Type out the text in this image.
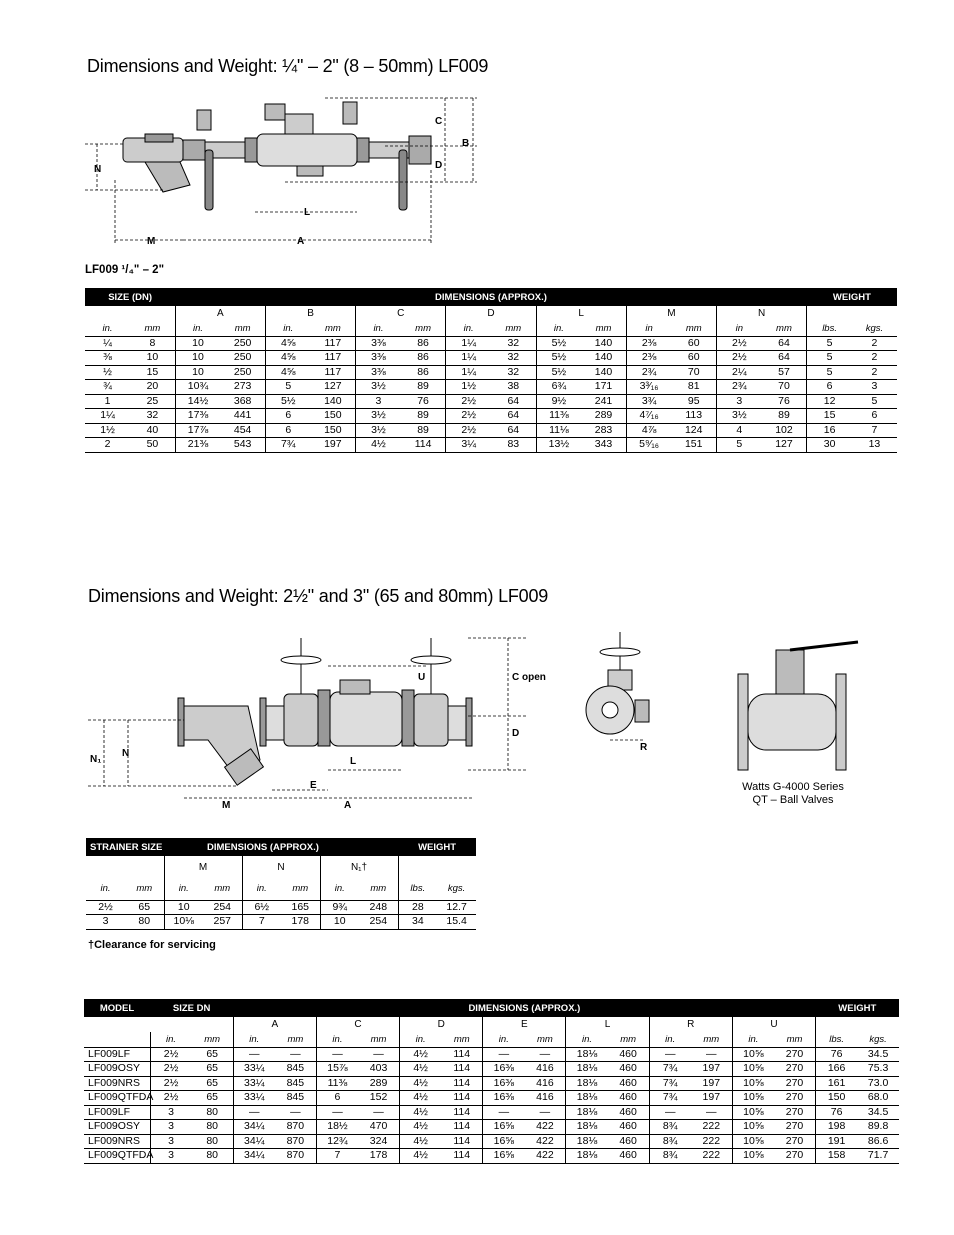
Dimensions and Weight: ¼" – 2" (8 – 50mm) LF009
C
B
D
N
L
M	A
LF009 ¹/₄" – 2"
SIZE (DN)		DIMENSIONS (APPROX.)														WEIGHT	
		A		B		C		D		L		M		N			
in.	mm	in.	mm	in.	mm	in.	mm	in.	mm	in.	mm	in	mm	in	mm	lbs.	kgs.
¼	8	10	250	4⅝	117	3⅜	86	1¼	32	5½	140	2⅜	60	2½	64	5	2
⅜	10	10	250	4⅝	117	3⅜	86	1¼	32	5½	140	2⅜	60	2½	64	5	2
½	15	10	250	4⅝	117	3⅜	86	1¼	32	5½	140	2¾	70	2¼	57	5	2
¾	20	10¾	273	5	127	3½	89	1½	38	6¾	171	3³⁄₁₆	81	2¾	70	6	3
1	25	14½	368	5½	140	3	76	2½	64	9½	241	3¾	95	3	76	12	5
1¼	32	17⅜	441	6	150	3½	89	2½	64	11⅜	289	4⁷⁄₁₆	113	3½	89	15	6
1½	40	17⅞	454	6	150	3½	89	2½	64	11⅛	283	4⅞	124	4	102	16	7
2	50	21⅜	543	7¾	197	4½	114	3¼	83	13½	343	5⁹⁄₁₆	151	5	127	30	13
Dimensions and Weight: 2½" and 3" (65 and 80mm) LF009
U	C open
D
N₁
N
L
E
M	A
R
Watts G-4000 Series
QT – Ball Valves
STRAINER SIZE			DIMENSIONS (APPROX.)					WEIGHT	
		M		N		N₁†			
in.	mm	in.	mm	in.	mm	in.	mm	lbs.	kgs.
2½	65	10	254	6½	165	9¾	248	28	12.7
3	80	10⅛	257	7	178	10	254	34	15.4
†Clearance for servicing
MODEL	SIZE DN		DIMENSIONS (APPROX.)														WEIGHT	
			A		C		D		E		L		R		U			
	in.	mm	in.	mm	in.	mm	in.	mm	in.	mm	in.	mm	in.	mm	in.	mm	lbs.	kgs.
LF009LF	2½	65	—	—	—	—	4½	114	—	—	18⅛	460	—	—	10⅝	270	76	34.5
LF009OSY	2½	65	33¼	845	15⅞	403	4½	114	16⅜	416	18⅛	460	7¾	197	10⅝	270	166	75.3
LF009NRS	2½	65	33¼	845	11⅜	289	4½	114	16⅜	416	18⅛	460	7¾	197	10⅝	270	161	73.0
LF009QTFDA	2½	65	33¼	845	6	152	4½	114	16⅜	416	18⅛	460	7¾	197	10⅝	270	150	68.0
LF009LF	3	80	—	—	—	—	4½	114	—	—	18⅛	460	—	—	10⅝	270	76	34.5
LF009OSY	3	80	34¼	870	18½	470	4½	114	16⅝	422	18⅛	460	8¾	222	10⅝	270	198	89.8
LF009NRS	3	80	34¼	870	12¾	324	4½	114	16⅝	422	18⅛	460	8¾	222	10⅝	270	191	86.6
LF009QTFDA	3	80	34¼	870	7	178	4½	114	16⅝	422	18⅛	460	8¾	222	10⅝	270	158	71.7
